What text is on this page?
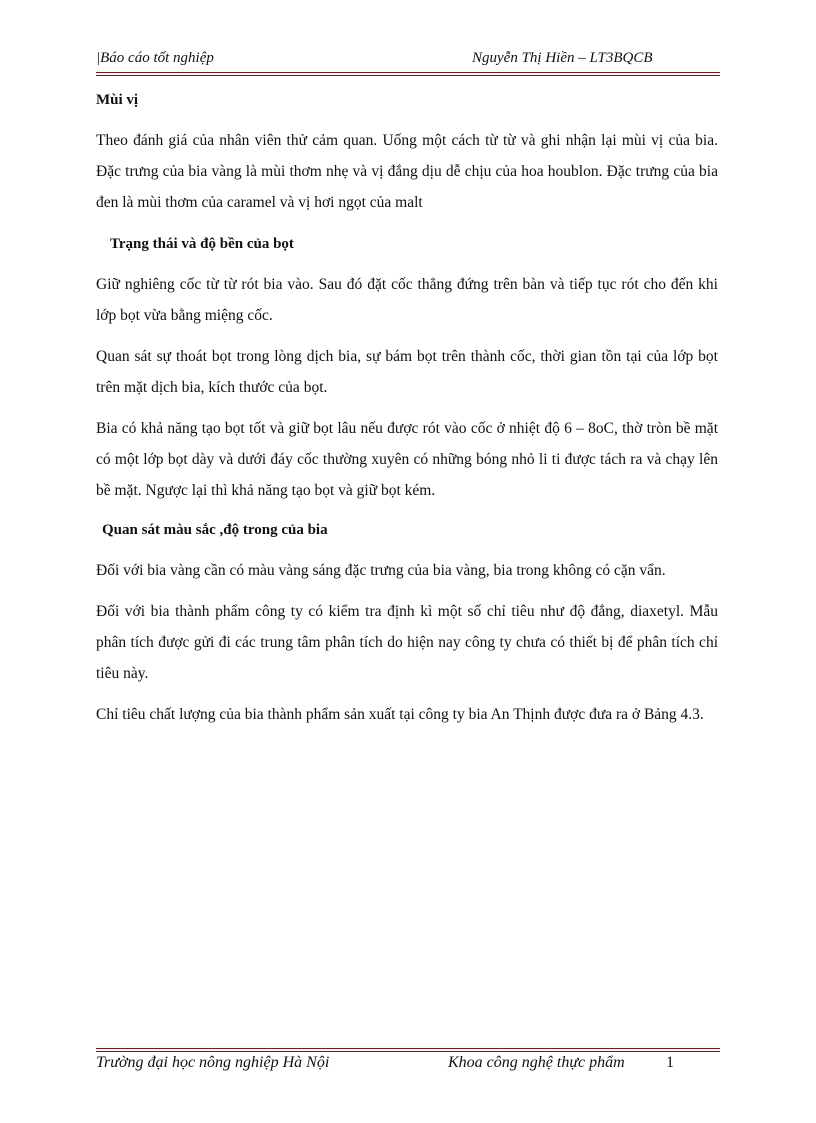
|Báo cáo tốt nghiệp	Nguyễn Thị Hiền – LT3BQCB

Mùi vị

Theo đánh giá của nhân viên thử cảm quan. Uống một cách từ từ và ghi nhận lại mùi vị của bia. Đặc trưng của bia vàng là mùi thơm nhẹ và vị đắng dịu dễ chịu của hoa houblon. Đặc trưng của bia đen là mùi thơm của caramel và vị hơi ngọt của malt

Trạng thái và độ bền của bọt

Giữ nghiêng cốc từ từ rót bia vào. Sau đó đặt cốc thẳng đứng trên bàn và tiếp tục rót cho đến khi lớp bọt vừa bằng miệng cốc.

Quan sát sự thoát bọt trong lòng dịch bia, sự bám bọt trên thành cốc, thời gian tồn tại của lớp bọt trên mặt dịch bia, kích thước của bọt.

Bia có khả năng tạo bọt tốt và giữ bọt lâu nếu được rót vào cốc ở nhiệt độ 6 – 8oC, thờ tròn bề mặt có một lớp bọt dày và dưới đáy cốc thường xuyên có những bóng nhỏ li ti được tách ra và chạy lên bề mặt. Ngược lại thì khả năng tạo bọt và giữ bọt kém.

Quan sát màu sắc ,độ trong của bia

Đối với bia vàng cần có màu vàng sáng đặc trưng của bia vàng, bia trong không có cặn vẩn.

Đối với bia thành phẩm công ty có kiểm tra định kì một số chỉ tiêu như độ đắng, diaxetyl. Mẫu phân tích được gửi đi các trung tâm phân tích do hiện nay công ty chưa có thiết bị để phân tích chỉ tiêu này.

Chỉ tiêu chất lượng của bia thành phẩm sản xuất tại công ty bia An Thịnh được đưa ra ở Bảng 4.3.

Trường đại học nông nghiệp Hà Nội	Khoa công nghệ thực phẩm	1
